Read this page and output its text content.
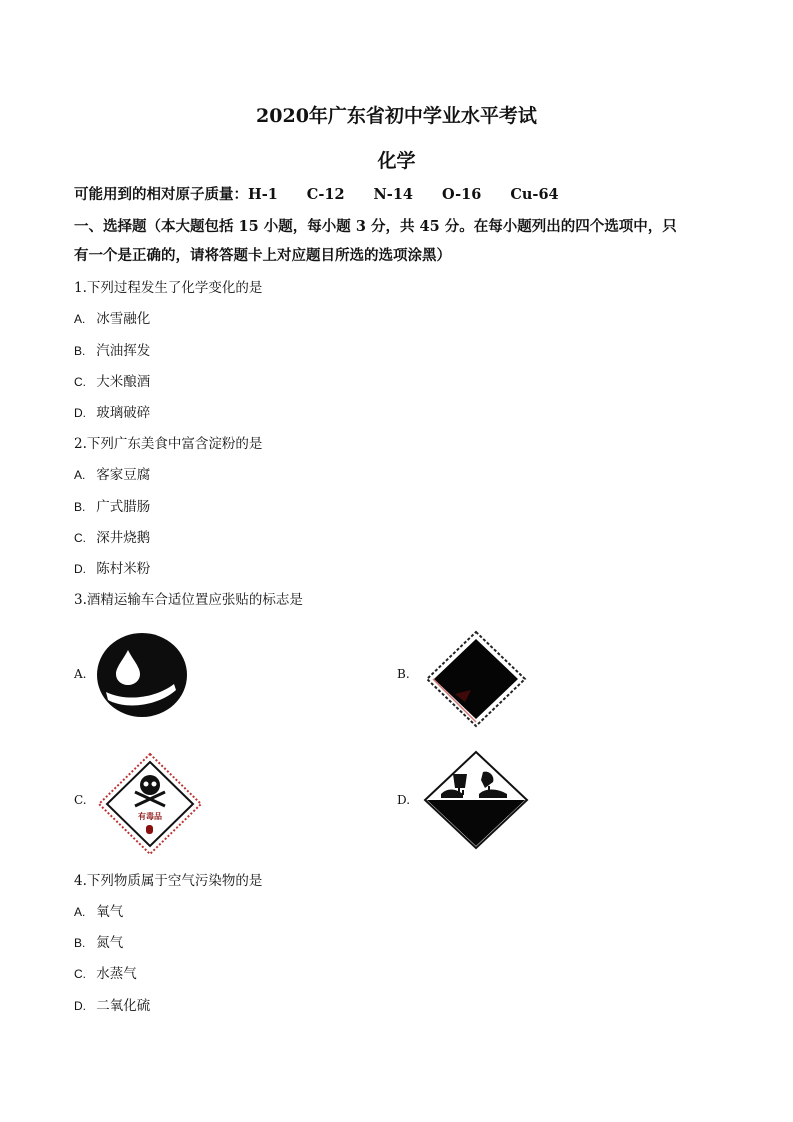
2020年广东省初中学业水平考试
化学
可能用到的相对原子质量：H-1　　C-12　　N-14　　O-16　　Cu-64
一、选择题（本大题包括 15 小题，每小题 3 分，共 45 分。在每小题列出的四个选项中，只
有一个是正确的，请将答题卡上对应题目所选的选项涂黑）
1.下列过程发生了化学变化的是
A. 冰雪融化
B. 汽油挥发
C. 大米酿酒
D. 玻璃破碎
2.下列广东美食中富含淀粉的是
A. 客家豆腐
B. 广式腊肠
C. 深井烧鹅
D. 陈村米粉
3.酒精运输车合适位置应张贴的标志是
A.	B.
C.
有毒品
D.
4.下列物质属于空气污染物的是
A. 氧气
B. 氮气
C. 水蒸气
D. 二氧化硫
